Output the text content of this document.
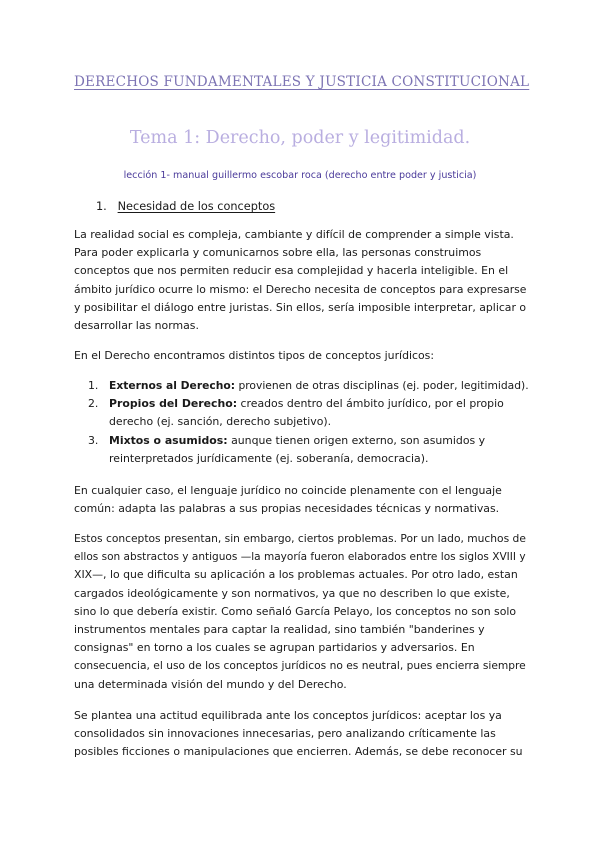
DERECHOS FUNDAMENTALES Y JUSTICIA CONSTITUCIONAL
Tema 1: Derecho, poder y legitimidad.
lección 1- manual guillermo escobar roca (derecho entre poder y justicia)
1. Necesidad de los conceptos
La realidad social es compleja, cambiante y difícil de comprender a simple vista.
Para poder explicarla y comunicarnos sobre ella, las personas construimos
conceptos que nos permiten reducir esa complejidad y hacerla inteligible. En el
ámbito jurídico ocurre lo mismo: el Derecho necesita de conceptos para expresarse
y posibilitar el diálogo entre juristas. Sin ellos, sería imposible interpretar, aplicar o
desarrollar las normas.
En el Derecho encontramos distintos tipos de conceptos jurídicos:
1. Externos al Derecho: provienen de otras disciplinas (ej. poder, legitimidad).
2. Propios del Derecho: creados dentro del ámbito jurídico, por el propio
derecho (ej. sanción, derecho subjetivo).
3. Mixtos o asumidos: aunque tienen origen externo, son asumidos y
reinterpretados jurídicamente (ej. soberanía, democracia).
En cualquier caso, el lenguaje jurídico no coincide plenamente con el lenguaje
común: adapta las palabras a sus propias necesidades técnicas y normativas.
Estos conceptos presentan, sin embargo, ciertos problemas. Por un lado, muchos de
ellos son abstractos y antiguos —la mayoría fueron elaborados entre los siglos XVIII y
XIX—, lo que dificulta su aplicación a los problemas actuales. Por otro lado, estan
cargados ideológicamente y son normativos, ya que no describen lo que existe,
sino lo que debería existir. Como señaló García Pelayo, los conceptos no son solo
instrumentos mentales para captar la realidad, sino también "banderines y
consignas" en torno a los cuales se agrupan partidarios y adversarios. En
consecuencia, el uso de los conceptos jurídicos no es neutral, pues encierra siempre
una determinada visión del mundo y del Derecho.
Se plantea una actitud equilibrada ante los conceptos jurídicos: aceptar los ya
consolidados sin innovaciones innecesarias, pero analizando críticamente las
posibles ficciones o manipulaciones que encierren. Además, se debe reconocer su
